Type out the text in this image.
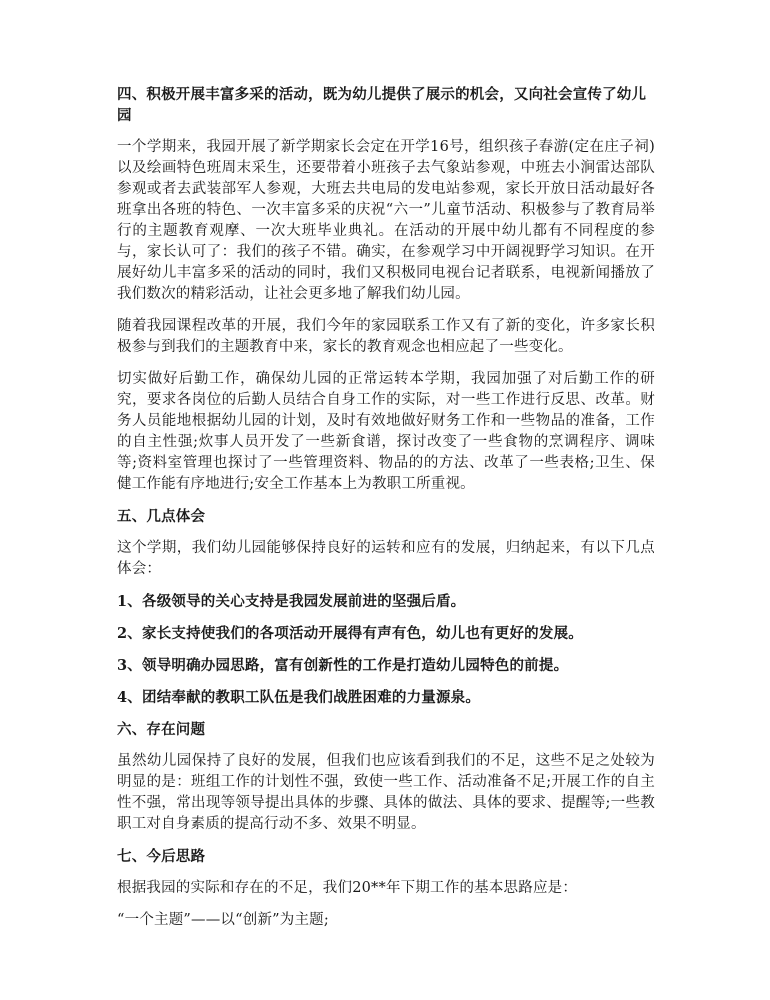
四、积极开展丰富多采的活动，既为幼儿提供了展示的机会，又向社会宣传了幼儿园
一个学期来，我园开展了新学期家长会定在开学16号，组织孩子春游(定在庄子祠)以及绘画特色班周末采生，还要带着小班孩子去气象站参观，中班去小涧雷达部队参观或者去武装部军人参观，大班去共电局的发电站参观，家长开放日活动最好各班拿出各班的特色、一次丰富多采的庆祝“六一”儿童节活动、积极参与了教育局举行的主题教育观摩、一次大班毕业典礼。在活动的开展中幼儿都有不同程度的参与，家长认可了：我们的孩子不错。确实，在参观学习中开阔视野学习知识。在开展好幼儿丰富多采的活动的同时，我们又积极同电视台记者联系，电视新闻播放了我们数次的精彩活动，让社会更多地了解我们幼儿园。
随着我园课程改革的开展，我们今年的家园联系工作又有了新的变化，许多家长积极参与到我们的主题教育中来，家长的教育观念也相应起了一些变化。
切实做好后勤工作，确保幼儿园的正常运转本学期，我园加强了对后勤工作的研究，要求各岗位的后勤人员结合自身工作的实际，对一些工作进行反思、改革。财务人员能地根据幼儿园的计划，及时有效地做好财务工作和一些物品的准备，工作的自主性强;炊事人员开发了一些新食谱，探讨改变了一些食物的烹调程序、调味等;资料室管理也探讨了一些管理资料、物品的的方法、改革了一些表格;卫生、保健工作能有序地进行;安全工作基本上为教职工所重视。
五、几点体会
这个学期，我们幼儿园能够保持良好的运转和应有的发展，归纳起来，有以下几点体会：
1、各级领导的关心支持是我园发展前进的坚强后盾。
2、家长支持使我们的各项活动开展得有声有色，幼儿也有更好的发展。
3、领导明确办园思路，富有创新性的工作是打造幼儿园特色的前提。
4、团结奉献的教职工队伍是我们战胜困难的力量源泉。
六、存在问题
虽然幼儿园保持了良好的发展，但我们也应该看到我们的不足，这些不足之处较为明显的是：班组工作的计划性不强，致使一些工作、活动准备不足;开展工作的自主性不强，常出现等领导提出具体的步骤、具体的做法、具体的要求、提醒等;一些教职工对自身素质的提高行动不多、效果不明显。
七、今后思路
根据我园的实际和存在的不足，我们20**年下期工作的基本思路应是：
“一个主题”——以“创新”为主题;
